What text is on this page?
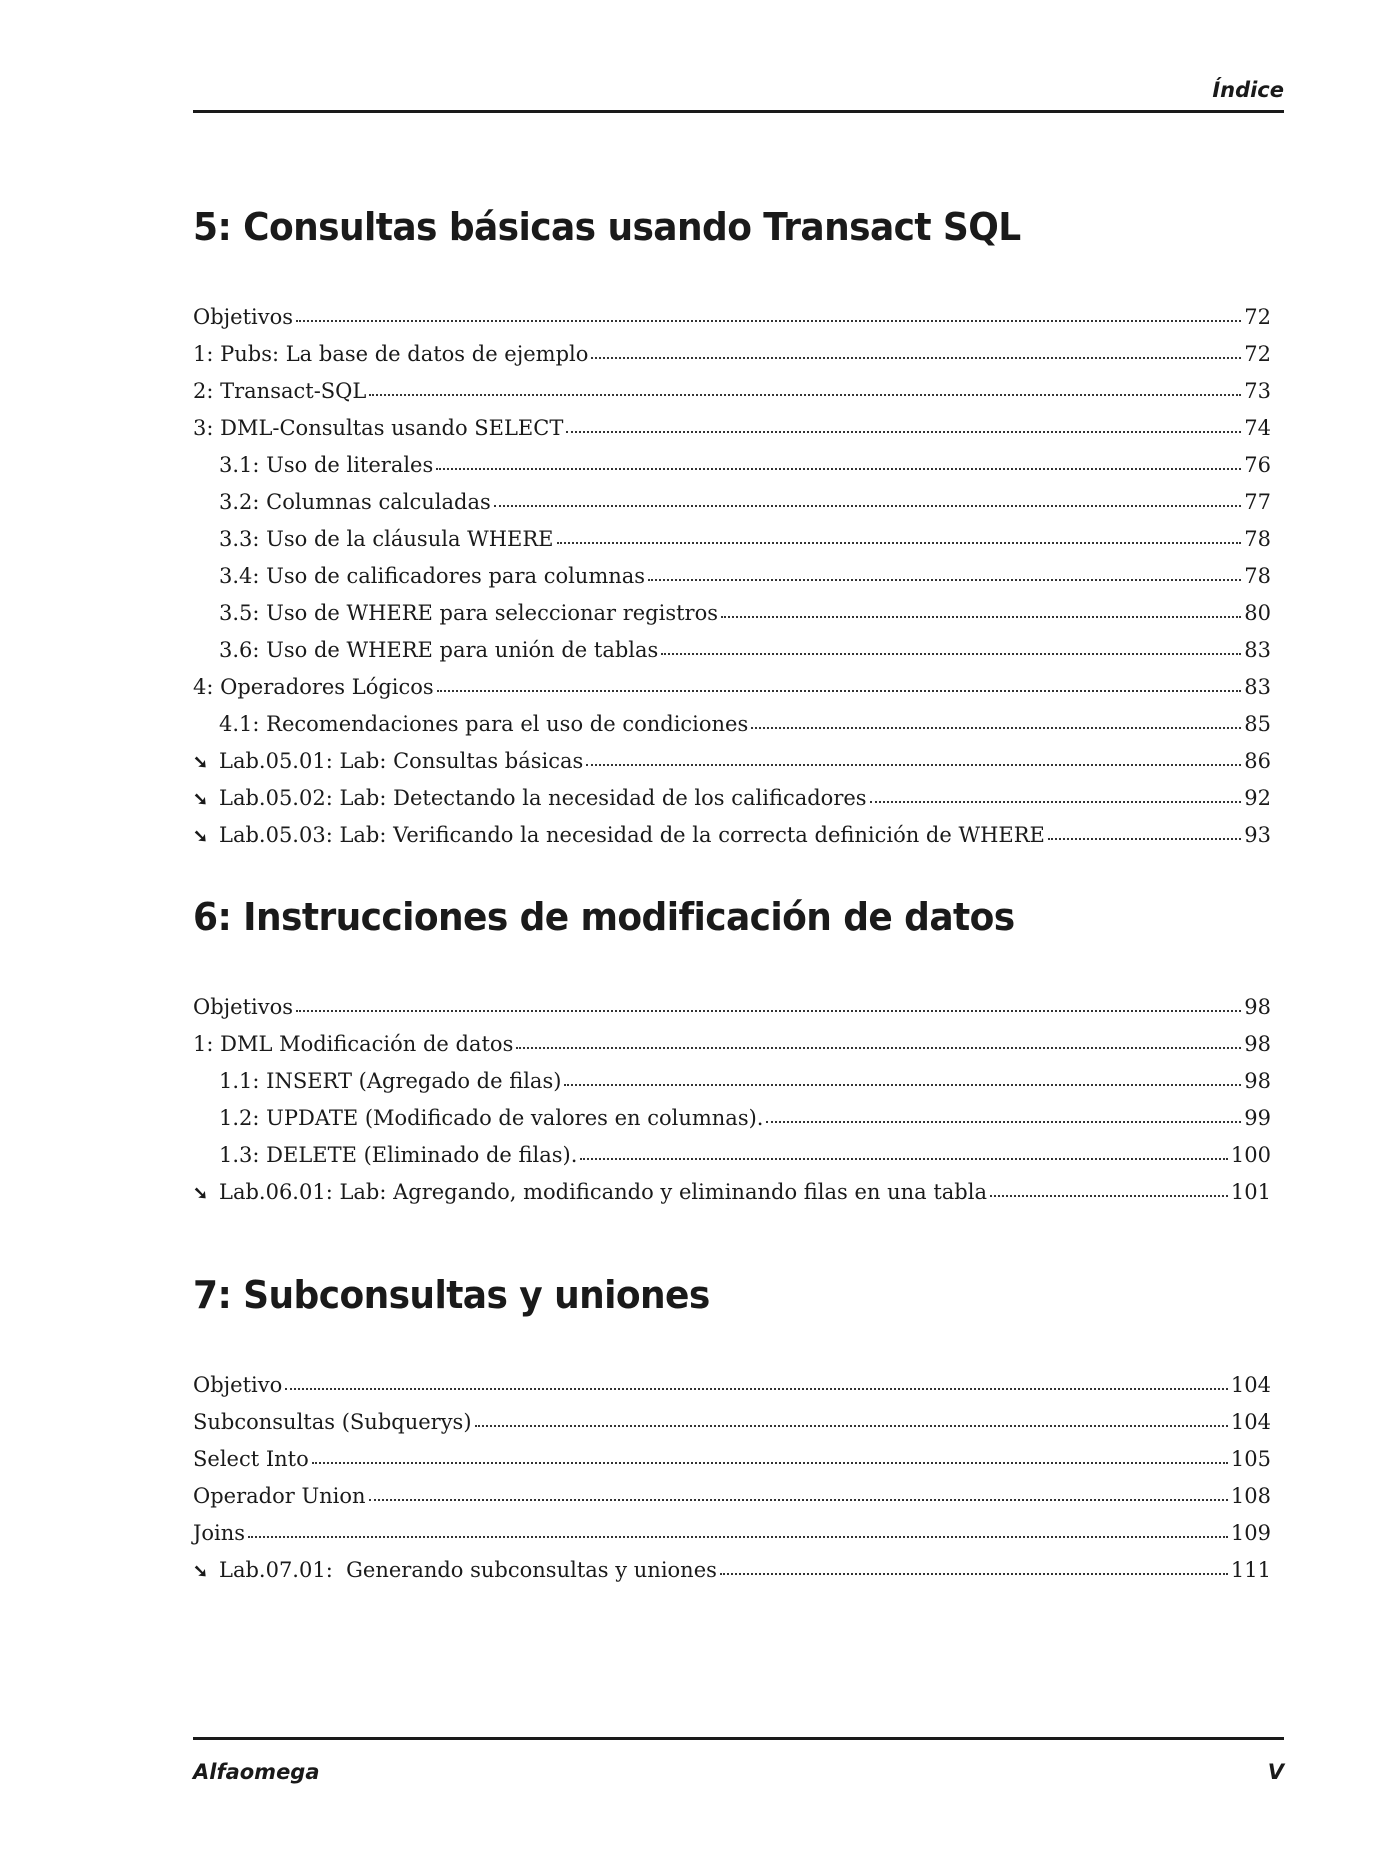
Índice
5: Consultas básicas usando Transact SQL
Objetivos	72
1: Pubs: La base de datos de ejemplo	72
2: Transact-SQL	73
3: DML-Consultas usando SELECT	74
3.1: Uso de literales	76
3.2: Columnas calculadas	77
3.3: Uso de la cláusula WHERE	78
3.4: Uso de calificadores para columnas	78
3.5: Uso de WHERE para seleccionar registros	80
3.6: Uso de WHERE para unión de tablas	83
4: Operadores Lógicos	83
4.1: Recomendaciones para el uso de condiciones	85
➘ Lab.05.01: Lab: Consultas básicas	86
➘ Lab.05.02: Lab: Detectando la necesidad de los calificadores	92
➘ Lab.05.03: Lab: Verificando la necesidad de la correcta definición de WHERE	93
6: Instrucciones de modificación de datos
Objetivos	98
1: DML Modificación de datos	98
1.1: INSERT (Agregado de filas)	98
1.2: UPDATE (Modificado de valores en columnas).	99
1.3: DELETE (Eliminado de filas).	100
➘ Lab.06.01: Lab: Agregando, modificando y eliminando filas en una tabla	101
7: Subconsultas y uniones
Objetivo	104
Subconsultas (Subquerys)	104
Select Into	105
Operador Union	108
Joins	109
➘ Lab.07.01:  Generando subconsultas y uniones	111
Alfaomega	V
